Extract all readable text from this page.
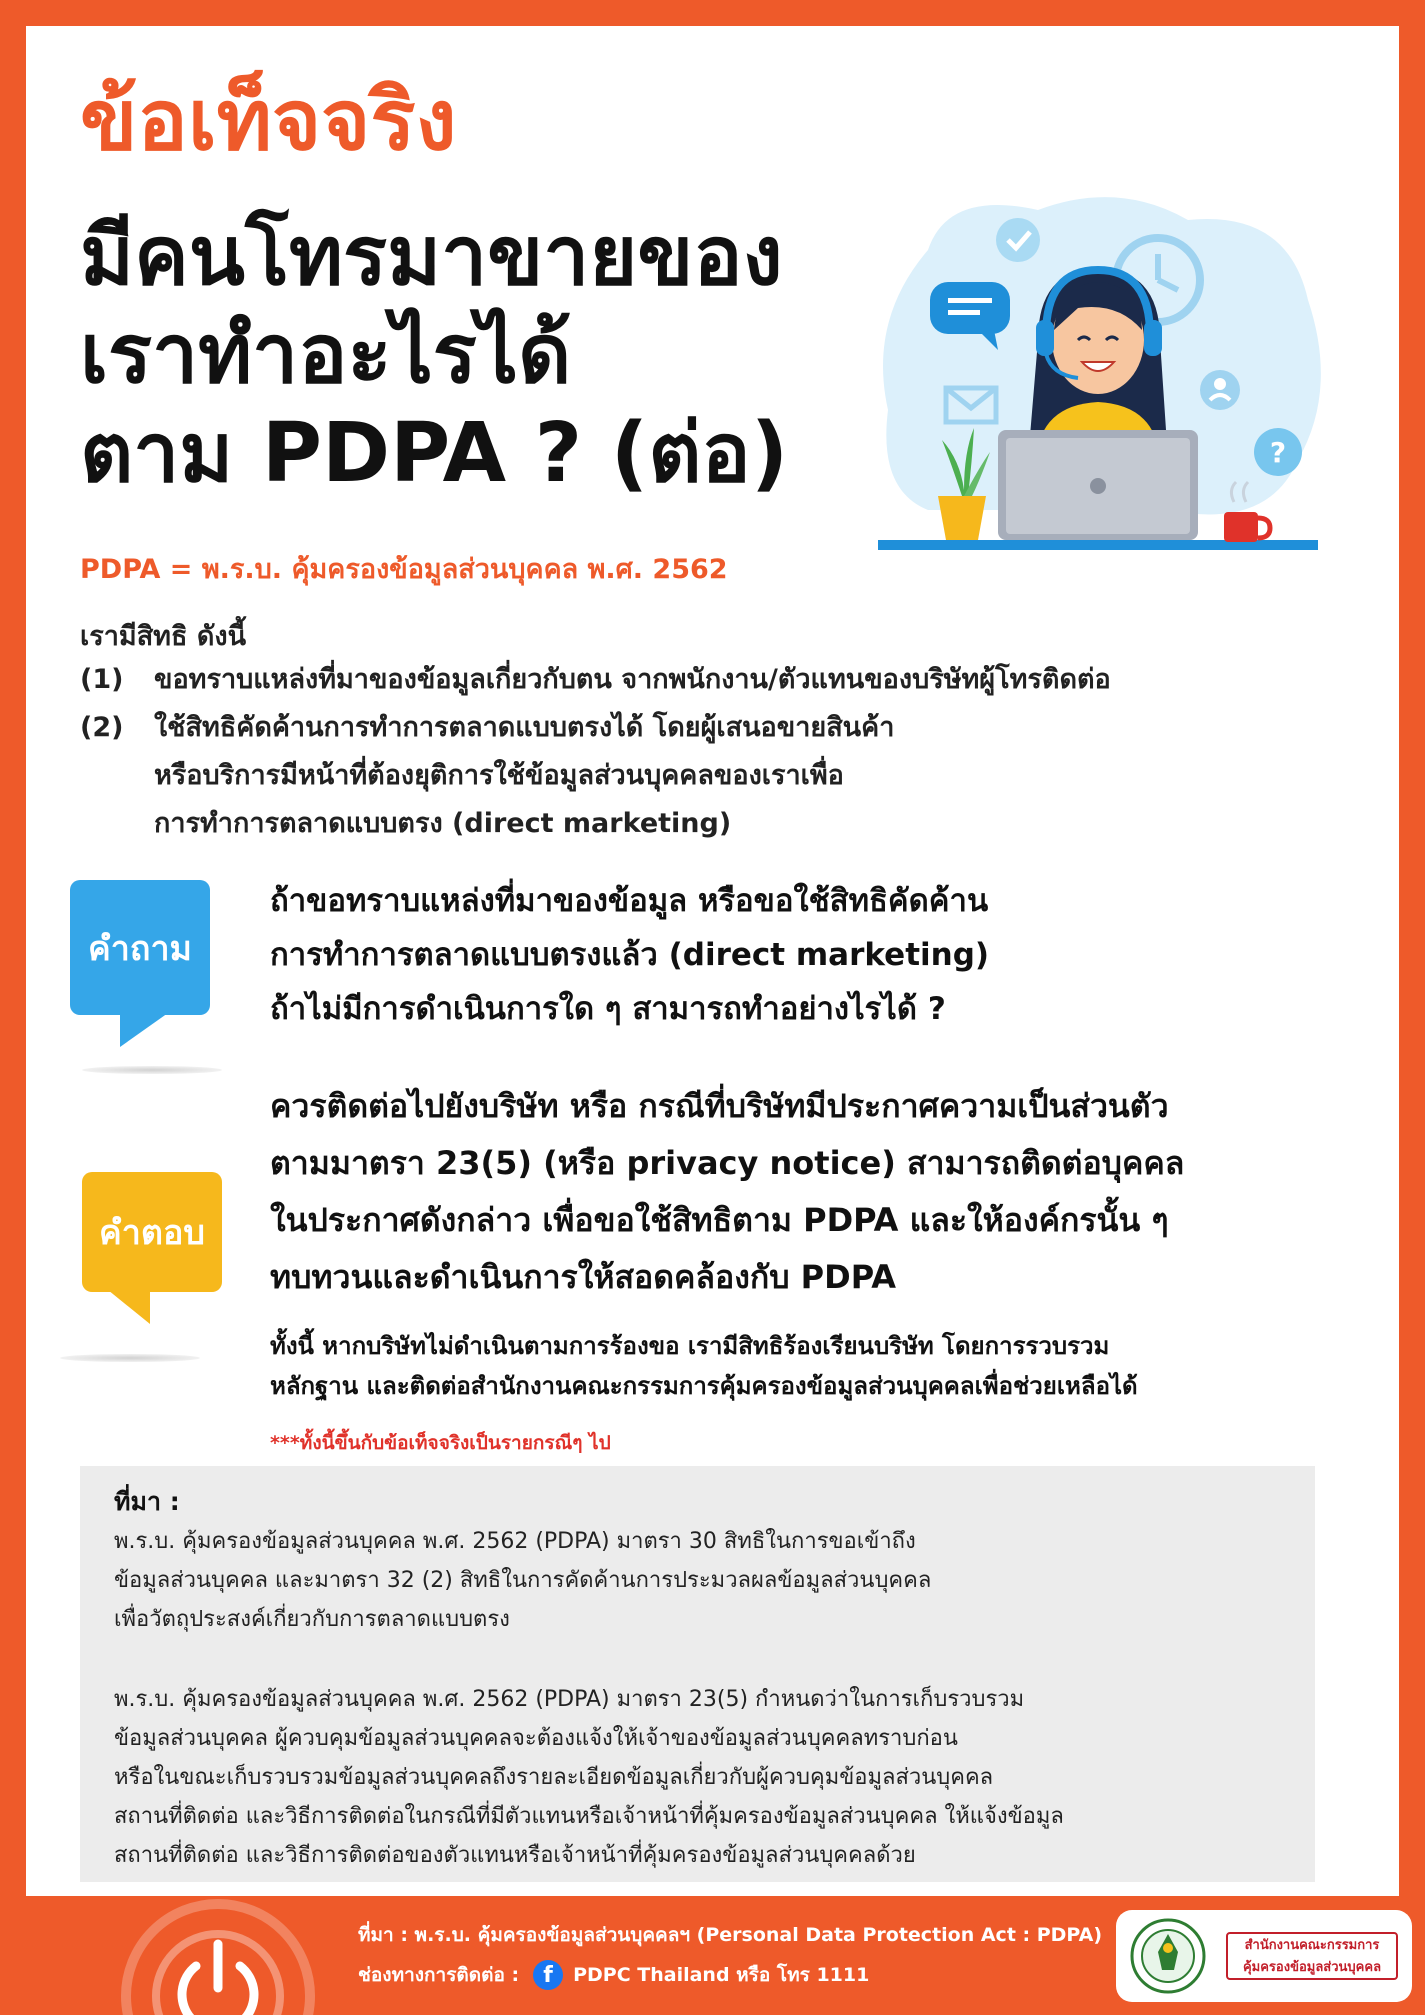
ข้อเท็จจริง
มีคนโทรมาขายของ
เราทำอะไรได้
ตาม PDPA ? (ต่อ)	?
PDPA = พ.ร.บ. คุ้มครองข้อมูลส่วนบุคคล พ.ศ. 2562
เรามีสิทธิ ดังนี้
(1)	ขอทราบแหล่งที่มาของข้อมูลเกี่ยวกับตน จากพนักงาน/ตัวแทนของบริษัทผู้โทรติดต่อ
(2)	ใช้สิทธิคัดค้านการทำการตลาดแบบตรงได้ โดยผู้เสนอขายสินค้า
หรือบริการมีหน้าที่ต้องยุติการใช้ข้อมูลส่วนบุคคลของเราเพื่อ
การทำการตลาดแบบตรง (direct marketing)
คำถาม
ถ้าขอทราบแหล่งที่มาของข้อมูล หรือขอใช้สิทธิคัดค้าน
การทำการตลาดแบบตรงแล้ว (direct marketing)
ถ้าไม่มีการดำเนินการใด ๆ สามารถทำอย่างไรได้ ?
คำตอบ
ควรติดต่อไปยังบริษัท หรือ กรณีที่บริษัทมีประกาศความเป็นส่วนตัว
ตามมาตรา 23(5) (หรือ privacy notice) สามารถติดต่อบุคคล
ในประกาศดังกล่าว เพื่อขอใช้สิทธิตาม PDPA และให้องค์กรนั้น ๆ
ทบทวนและดำเนินการให้สอดคล้องกับ PDPA
ทั้งนี้ หากบริษัทไม่ดำเนินตามการร้องขอ เรามีสิทธิร้องเรียนบริษัท โดยการรวบรวม
หลักฐาน และติดต่อสำนักงานคณะกรรมการคุ้มครองข้อมูลส่วนบุคคลเพื่อช่วยเหลือได้
***ทั้งนี้ขึ้นกับข้อเท็จจริงเป็นรายกรณีๆ ไป
ที่มา :
พ.ร.บ. คุ้มครองข้อมูลส่วนบุคคล พ.ศ. 2562 (PDPA) มาตรา 30 สิทธิในการขอเข้าถึง
ข้อมูลส่วนบุคคล และมาตรา 32 (2) สิทธิในการคัดค้านการประมวลผลข้อมูลส่วนบุคคล
เพื่อวัตถุประสงค์เกี่ยวกับการตลาดแบบตรง
พ.ร.บ. คุ้มครองข้อมูลส่วนบุคคล พ.ศ. 2562 (PDPA) มาตรา 23(5) กำหนดว่าในการเก็บรวบรวม
ข้อมูลส่วนบุคคล ผู้ควบคุมข้อมูลส่วนบุคคลจะต้องแจ้งให้เจ้าของข้อมูลส่วนบุคคลทราบก่อน
หรือในขณะเก็บรวบรวมข้อมูลส่วนบุคคลถึงรายละเอียดข้อมูลเกี่ยวกับผู้ควบคุมข้อมูลส่วนบุคคล
สถานที่ติดต่อ และวิธีการติดต่อในกรณีที่มีตัวแทนหรือเจ้าหน้าที่คุ้มครองข้อมูลส่วนบุคคล ให้แจ้งข้อมูล
สถานที่ติดต่อ และวิธีการติดต่อของตัวแทนหรือเจ้าหน้าที่คุ้มครองข้อมูลส่วนบุคคลด้วย
ที่มา : พ.ร.บ. คุ้มครองข้อมูลส่วนบุคคลฯ (Personal Data Protection Act : PDPA)
ช่องทางการติดต่อ :	f	PDPC Thailand หรือ โทร 1111
สำนักงานคณะกรรมการ
คุ้มครองข้อมูลส่วนบุคคล
